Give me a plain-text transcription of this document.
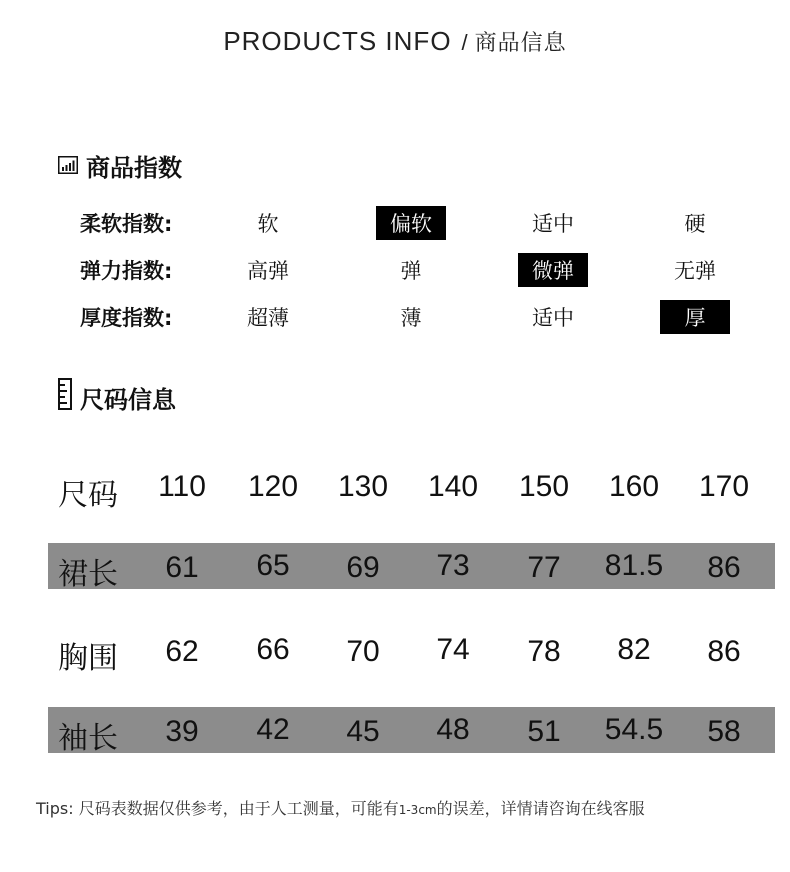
PRODUCTS INFO / 商品信息
商品指数
柔软指数:	软	偏软	适中	硬
弹力指数:	高弹	弹	微弹	无弹
厚度指数:	超薄	薄	适中	厚
尺码信息
尺码	110	120	130	140	150	160	170
裙长	61	65	69	73	77	81.5	86
胸围	62	66	70	74	78	82	86
袖长	39	42	45	48	51	54.5	58
Tips: 尺码表数据仅供参考，由于人工测量，可能有1-3cm的误差，详情请咨询在线客服
